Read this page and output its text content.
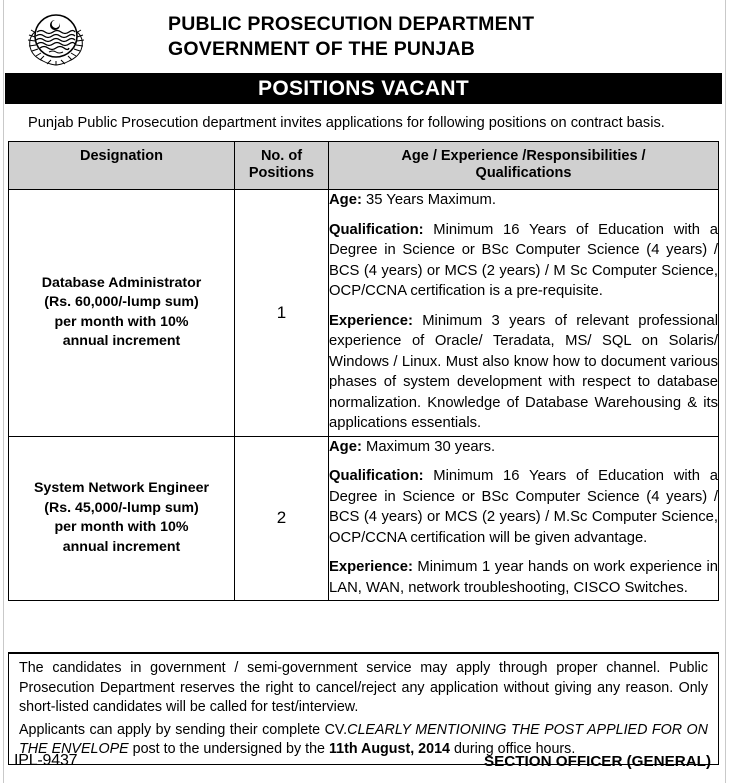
PUBLIC PROSECUTION DEPARTMENT
GOVERNMENT OF THE PUNJAB
POSITIONS VACANT
Punjab Public Prosecution department invites applications for following positions on contract basis.
Designation	No. of
Positions
Age / Experience /Responsibilities /
Qualifications
Database Administrator
(Rs. 60,000/-lump sum)
per month with 10%
annual increment
1

Age: 35 Years Maximum.

Qualification: Minimum 16 Years of Education with a Degree in Science or BSc Computer Science (4 years) / BCS (4 years) or MCS (2 years) / M Sc Computer Science, OCP/CCNA certification is a pre-requisite.

Experience: Minimum 3 years of relevant professional experience of Oracle/ Teradata, MS/ SQL on Solaris/ Windows / Linux. Must also know how to document various phases of system development with respect to database normalization. Knowledge of Database Warehousing & its applications essentials.

System Network Engineer
(Rs. 45,000/-lump sum)
per month with 10%
annual increment
2

Age: Maximum 30 years.

Qualification: Minimum 16 Years of Education with a Degree in Science or BSc Computer Science (4 years) / BCS (4 years) or MCS (2 years) / M.Sc Computer Science, OCP/CCNA certification will be given advantage.

Experience: Minimum 1 year hands on work experience in LAN, WAN, network troubleshooting, CISCO Switches.

The candidates in government / semi-government service may apply through proper channel. Public Prosecution Department reserves the right to cancel/reject any application without giving any reason. Only short-listed candidates will be called for test/interview.

Applicants can apply by sending their complete CV.CLEARLY MENTIONING THE POST APPLIED FOR ON THE ENVELOPE post to the undersigned by the 11th August, 2014 during office hours.

IPL-9437	SECTION OFFICER (GENERAL)
